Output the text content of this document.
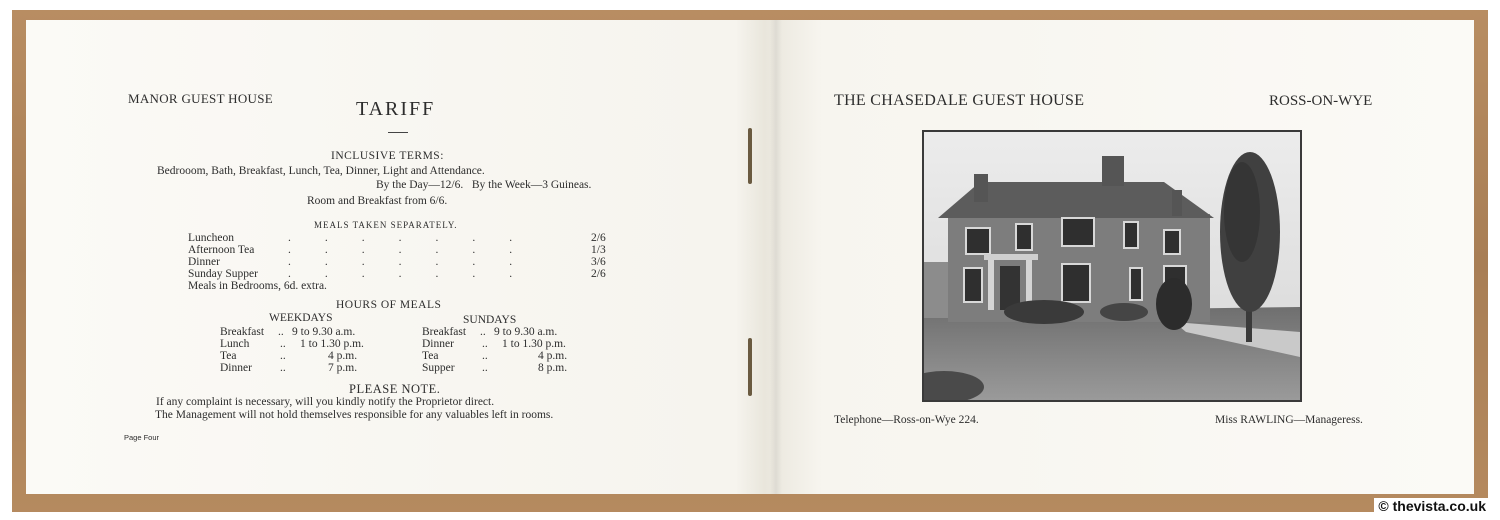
MANOR GUEST HOUSE	TARIFF
INCLUSIVE TERMS:
Bedrooom, Bath, Breakfast, Lunch, Tea, Dinner, Light and Attendance.
By the Day—12/6.   By the Week—3 Guineas.
Room and Breakfast from 6/6.
MEALS TAKEN SEPARATELY.
Luncheon	.......	2/6
Afternoon Tea	.......	1/3
Dinner	.......	3/6
Sunday Supper	.......	2/6
Meals in Bedrooms, 6d. extra.
HOURS OF MEALS
WEEKDAYS	SUNDAYS
Breakfast .. 9 to 9.30 a.m.
Lunch	.. 1 to 1.30 p.m.
Tea	..	4 p.m.
Dinner ..	7 p.m.
Breakfast .. 9 to 9.30 a.m.
Dinner .. 1 to 1.30 p.m.
Tea	..	4 p.m.
Supper ..	8 p.m.
PLEASE NOTE.
If any complaint is necessary, will you kindly notify the Proprietor direct.
The Management will not hold themselves responsible for any valuables left in rooms.
Page Four
THE CHASEDALE GUEST HOUSE	ROSS-ON-WYE
Telephone—Ross-on-Wye 224.	Miss RAWLING—Manageress.
© thevista.co.uk
